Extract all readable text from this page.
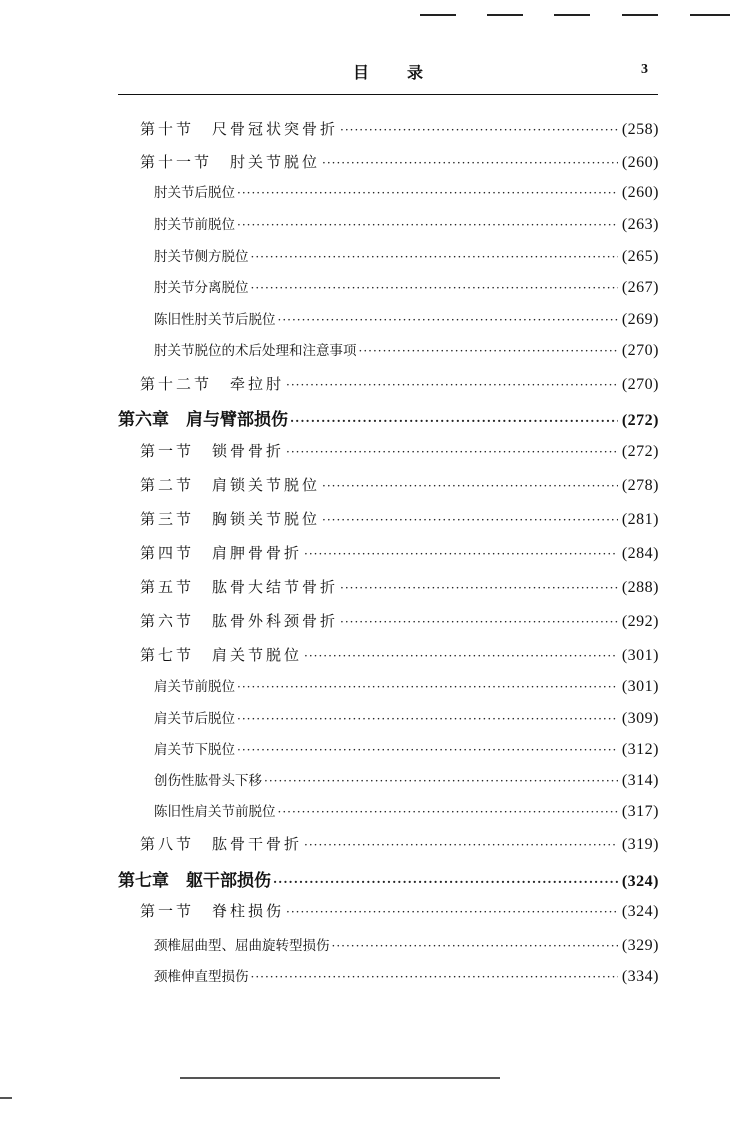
目录	3
第十节　尺骨冠状突骨折 ·····	(258)
第十一节　肘关节脱位 ·····	(260)
肘关节后脱位 ·····	(260)
肘关节前脱位 ·····	(263)
肘关节侧方脱位 ·····	(265)
肘关节分离脱位 ·····	(267)
陈旧性肘关节后脱位 ·····	(269)
肘关节脱位的术后处理和注意事项 ·····	(270)
第十二节　牵拉肘 ·····	(270)
第六章　肩与臂部损伤 ·····	(272)
第一节　锁骨骨折 ·····	(272)
第二节　肩锁关节脱位 ·····	(278)
第三节　胸锁关节脱位 ·····	(281)
第四节　肩胛骨骨折 ·····	(284)
第五节　肱骨大结节骨折 ·····	(288)
第六节　肱骨外科颈骨折 ·····	(292)
第七节　肩关节脱位 ·····	(301)
肩关节前脱位 ·····	(301)
肩关节后脱位 ·····	(309)
肩关节下脱位 ·····	(312)
创伤性肱骨头下移 ·····	(314)
陈旧性肩关节前脱位 ·····	(317)
第八节　肱骨干骨折 ·····	(319)
第七章　躯干部损伤 ·····	(324)
第一节　脊柱损伤 ·····	(324)
颈椎屈曲型、屈曲旋转型损伤 ·····	(329)
颈椎伸直型损伤 ·····	(334)
